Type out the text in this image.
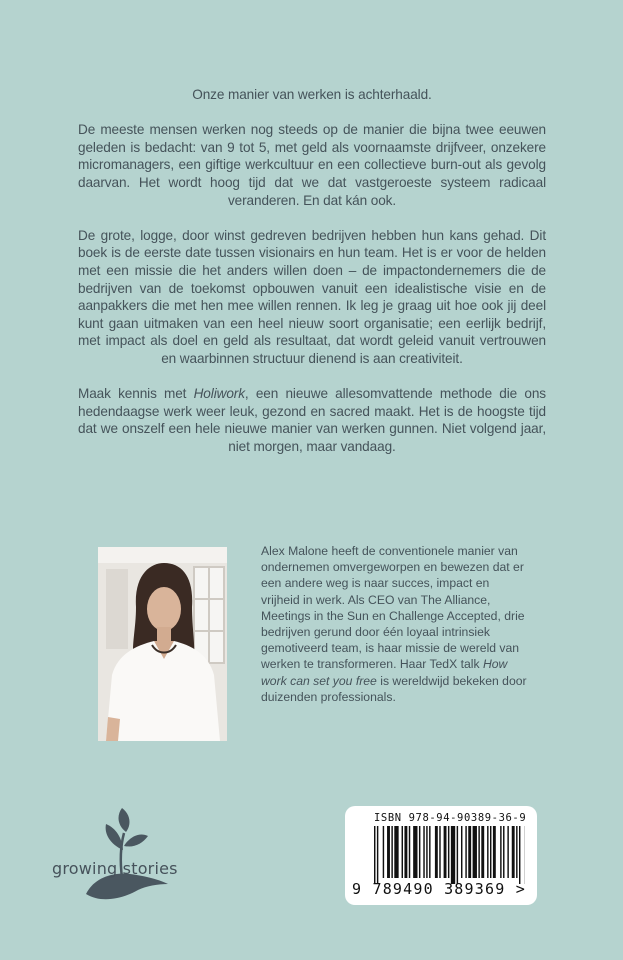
Onze manier van werken is achterhaald.

De meeste mensen werken nog steeds op de manier die bijna twee eeuwen geleden is bedacht: van 9 tot 5, met geld als voornaamste drijfveer, onzekere micromanagers, een giftige werkcultuur en een collectieve burn-out als gevolg daarvan. Het wordt hoog tijd dat we dat vastgeroeste systeem radicaal veranderen. En dat kán ook.

De grote, logge, door winst gedreven bedrijven hebben hun kans gehad. Dit boek is de eerste date tussen visionairs en hun team. Het is er voor de helden met een missie die het anders willen doen – de impactondernemers die de bedrijven van de toekomst opbouwen vanuit een idealistische visie en de aanpakkers die met hen mee willen rennen. Ik leg je graag uit hoe ook jij deel kunt gaan uitmaken van een heel nieuw soort organisatie; een eerlijk bedrijf, met impact als doel en geld als resultaat, dat wordt geleid vanuit vertrouwen en waarbinnen structuur dienend is aan creativiteit.

Maak kennis met Holiwork, een nieuwe allesomvattende methode die ons hedendaagse werk weer leuk, gezond en sacred maakt. Het is de hoogste tijd dat we onszelf een hele nieuwe manier van werken gunnen. Niet volgend jaar, niet morgen, maar vandaag.

Alex Malone heeft de conventionele manier van ondernemen omvergeworpen en bewezen dat er een andere weg is naar succes, impact en vrijheid in werk. Als CEO van The Alliance, Meetings in the Sun en Challenge Accepted, drie bedrijven gerund door één loyaal intrinsiek gemotiveerd team, is haar missie de wereld van werken te transformeren. Haar TedX talk How work can set you free is wereldwijd bekeken door duizenden professionals.
growing stories
ISBN 978-94-90389-36-9
9 789490 389369 >
